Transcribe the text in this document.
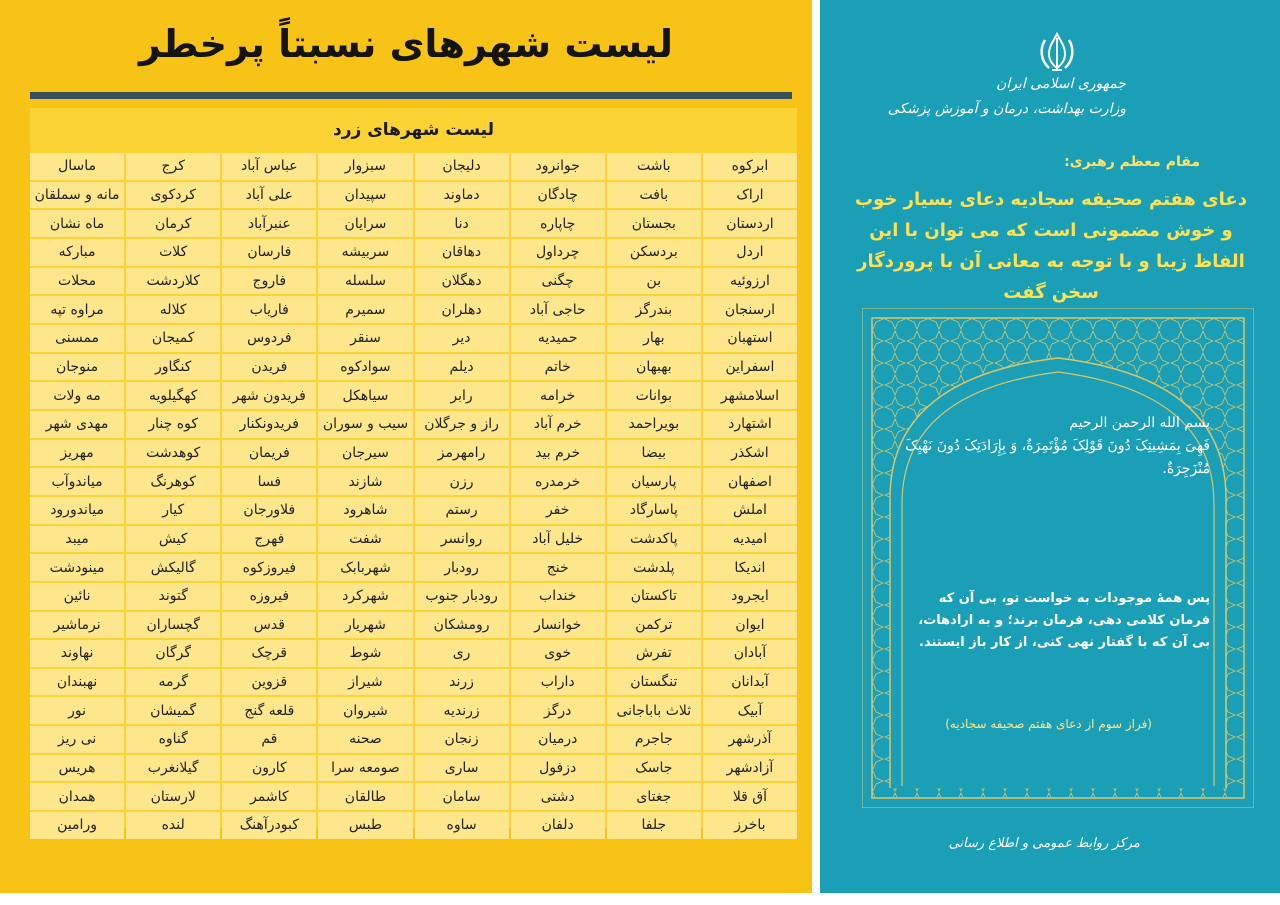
لیست شهرهای نسبتاً پرخطر
لیست شهرهای زرد
ابرکوه
باشت
جوانرود
دلیجان
سبزوار
عباس آباد
کرج
ماسال
اراک
بافت
چادگان
دماوند
سپیدان
علی آباد
کردکوی
مانه و سملقان
اردستان
بجستان
چاپاره
دنا
سرایان
عنبرآباد
کرمان
ماه نشان
اردل
بردسکن
چرداول
دهاقان
سربیشه
فارسان
کلات
مبارکه
ارزوئیه
بن
چگنی
دهگلان
سلسله
فاروج
کلاردشت
محلات
ارسنجان
بندرگز
حاجی آباد
دهلران
سمیرم
فاریاب
کلاله
مراوه تپه
استهبان
بهار
حمیدیه
دیر
سنقر
فردوس
کمیجان
ممسنی
اسفراین
بهبهان
خاتم
دیلم
سوادکوه
فریدن
کنگاور
منوجان
اسلامشهر
بوانات
خرامه
رابر
سیاهکل
فریدون شهر
کهگیلویه
مه ولات
اشتهارد
بویراحمد
خرم آباد
راز و جرگلان
سیب و سوران
فریدونکنار
کوه چنار
مهدی شهر
اشکذر
بیضا
خرم بید
رامهرمز
سیرجان
فریمان
کوهدشت
مهریز
اصفهان
پارسیان
خرمدره
رزن
شازند
فسا
کوهرنگ
میاندوآب
املش
پاسارگاد
خفر
رستم
شاهرود
فلاورجان
کیار
میاندورود
امیدیه
پاکدشت
خلیل آباد
روانسر
شفت
فهرج
کیش
میبد
اندیکا
پلدشت
خنج
رودبار
شهربابک
فیروزکوه
گالیکش
مینودشت
ایجرود
تاکستان
خنداب
رودبار جنوب
شهرکرد
فیروزه
گتوند
نائین
ایوان
ترکمن
خوانسار
رومشکان
شهریار
قدس
گچساران
نرماشیر
آبادان
تفرش
خوی
ری
شوط
قرچک
گرگان
نهاوند
آبدانان
تنگستان
داراب
زرند
شیراز
قزوین
گرمه
نهبندان
آبیک
ثلاث باباجانی
درگز
زرندیه
شیروان
قلعه گنج
گمیشان
نور
آذرشهر
جاجرم
درمیان
زنجان
صحنه
قم
گناوه
نی ریز
آزادشهر
جاسک
دزفول
ساری
صومعه سرا
کارون
گیلانغرب
هریس
آق قلا
جغتای
دشتی
سامان
طالقان
کاشمر
لارستان
همدان
باخرز
جلفا
دلفان
ساوه
طبس
کبودرآهنگ
لنده
ورامین
جمهوری اسلامی ایران
وزارت بهداشت، درمان و آموزش پزشکی
مقام معظم رهبری:
دعای هفتم صحیفه سجادیه دعای بسیار خوب و خوش مضمونی است که می توان با این الفاظ زیبا و با توجه به معانی آن با پروردگار سخن گفت
بسم الله الرحمن الرحیم
فَهِیَ بِمَشِیتِکَ دُونَ قَوْلِکَ مُؤْتَمِرَةٌ، وَ بِإِرَادَتِکَ دُونَ نَهْیِکَ مُنْزَجِرَةٌ.
پس همهٔ موجودات به خواست تو، بی آن که فرمان کلامی دهی، فرمان برند؛ و به ارادهات، بی آن که با گفتار نهی کنی، از کار باز ایستند.
(فراز سوم از دعای هفتم صحیفه سجادیه)
مرکز روابط عمومی و اطلاع رسانی
